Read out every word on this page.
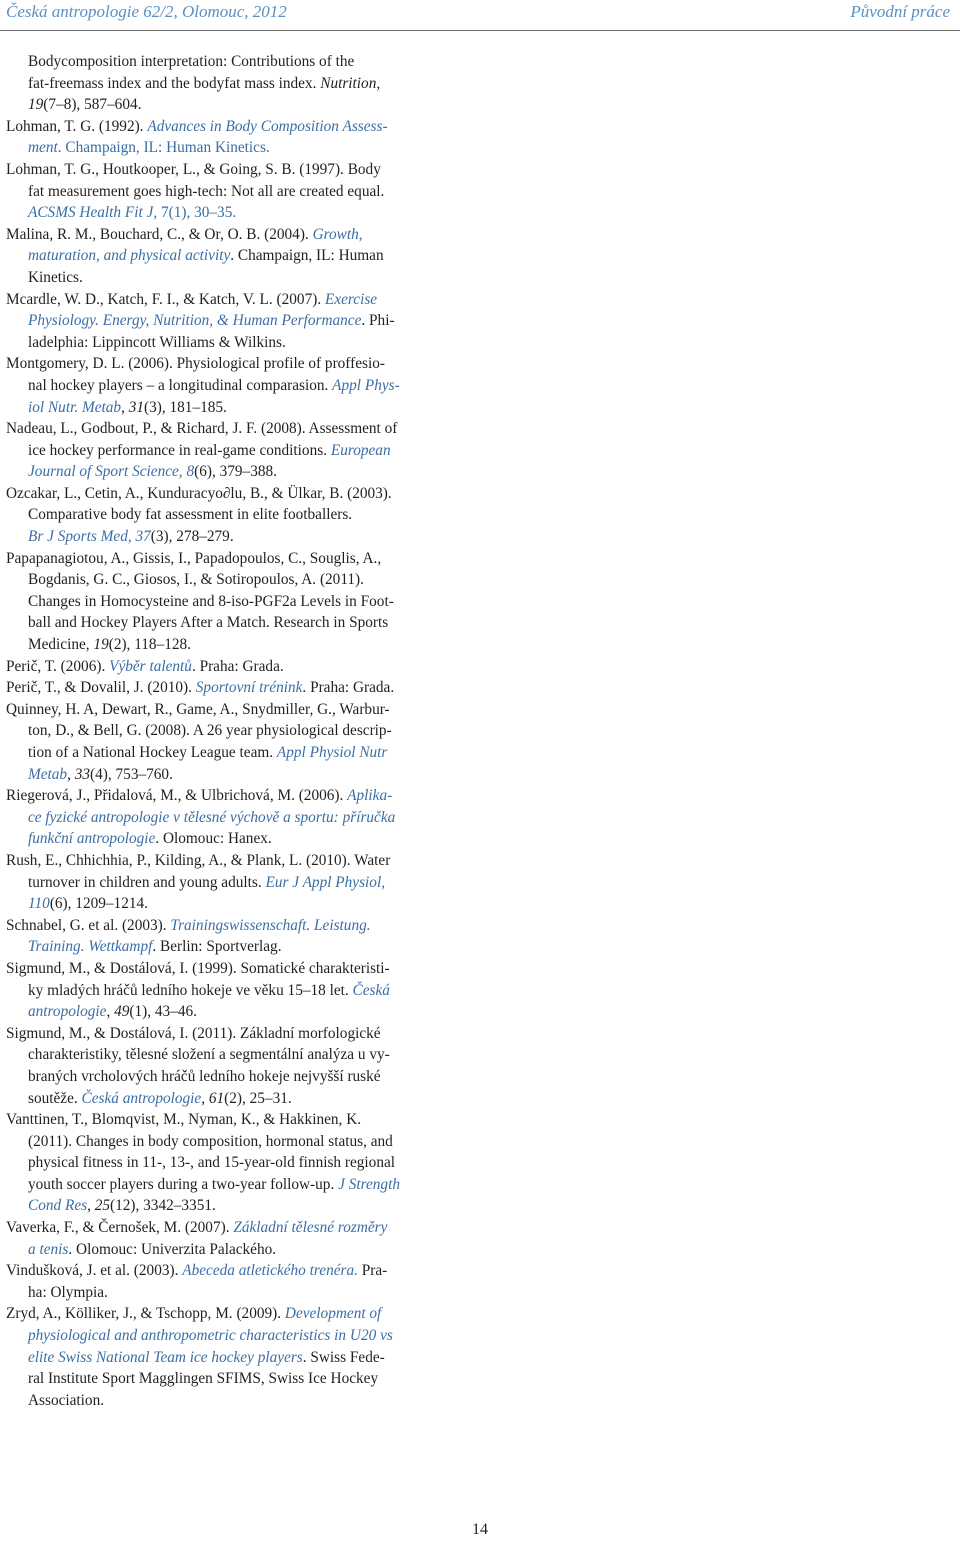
Česká antropologie 62/2, Olomouc, 2012	Původní práce
Bodycomposition interpretation: Contributions of the
fat-freemass index and the bodyfat mass index. Nutrition,
19(7–8), 587–604.
Lohman, T. G. (1992). Advances in Body Composition Assess-
ment. Champaign, IL: Human Kinetics.
Lohman, T. G., Houtkooper, L., & Going, S. B. (1997). Body
fat measurement goes high-tech: Not all are created equal.
ACSMS Health Fit J, 7(1), 30–35.
Malina, R. M., Bouchard, C., & Or, O. B. (2004). Growth,
maturation, and physical activity. Champaign, IL: Human
Kinetics.
Mcardle, W. D., Katch, F. I., & Katch, V. L. (2007). Exercise
Physiology. Energy, Nutrition, & Human Performance. Phi-
ladelphia: Lippincott Williams & Wilkins.
Montgomery, D. L. (2006). Physiological profile of proffesio-
nal hockey players – a longitudinal comparasion. Appl Phys-
iol Nutr. Metab, 31(3), 181–185.
Nadeau, L., Godbout, P., & Richard, J. F. (2008). Assessment of
ice hockey performance in real-game conditions. European
Journal of Sport Science, 8(6), 379–388.
Ozcakar, L., Cetin, A., Kunduracyo∂lu, B., & Ülkar, B. (2003).
Comparative body fat assessment in elite footballers.
Br J Sports Med, 37(3), 278–279.
Papapanagiotou, A., Gissis, I., Papadopoulos, C., Souglis, A.,
Bogdanis, G. C., Giosos, I., & Sotiropoulos, A. (2011).
Changes in Homocysteine and 8-iso-PGF2a Levels in Foot-
ball and Hockey Players After a Match. Research in Sports
Medicine, 19(2), 118–128.
Perič, T. (2006). Výběr talentů. Praha: Grada.
Perič, T., & Dovalil, J. (2010). Sportovní trénink. Praha: Grada.
Quinney, H. A, Dewart, R., Game, A., Snydmiller, G., Warbur-
ton, D., & Bell, G. (2008). A 26 year physiological descrip-
tion of a National Hockey League team. Appl Physiol Nutr
Metab, 33(4), 753–760.
Riegerová, J., Přidalová, M., & Ulbrichová, M. (2006). Aplika-
ce fyzické antropologie v tělesné výchově a sportu: příručka
funkční antropologie. Olomouc: Hanex.
Rush, E., Chhichhia, P., Kilding, A., & Plank, L. (2010). Water
turnover in children and young adults. Eur J Appl Physiol,
110(6), 1209–1214.
Schnabel, G. et al. (2003). Trainingswissenschaft. Leistung.
Training. Wettkampf. Berlin: Sportverlag.
Sigmund, M., & Dostálová, I. (1999). Somatické charakteristi-
ky mladých hráčů ledního hokeje ve věku 15–18 let. Česká
antropologie, 49(1), 43–46.
Sigmund, M., & Dostálová, I. (2011). Základní morfologické
charakteristiky, tělesné složení a segmentální analýza u vy-
braných vrcholových hráčů ledního hokeje nejvyšší ruské
soutěže. Česká antropologie, 61(2), 25–31.
Vanttinen, T., Blomqvist, M., Nyman, K., & Hakkinen, K.
(2011). Changes in body composition, hormonal status, and
physical fitness in 11-, 13-, and 15-year-old finnish regional
youth soccer players during a two-year follow-up. J Strength
Cond Res, 25(12), 3342–3351.
Vaverka, F., & Černošek, M. (2007). Základní tělesné rozměry
a tenis. Olomouc: Univerzita Palackého.
Vindušková, J. et al. (2003). Abeceda atletického trenéra. Pra-
ha: Olympia.
Zryd, A., Kölliker, J., & Tschopp, M. (2009). Development of
physiological and anthropometric characteristics in U20 vs
elite Swiss National Team ice hockey players. Swiss Fede-
ral Institute Sport Magglingen SFIMS, Swiss Ice Hockey
Association.
14
